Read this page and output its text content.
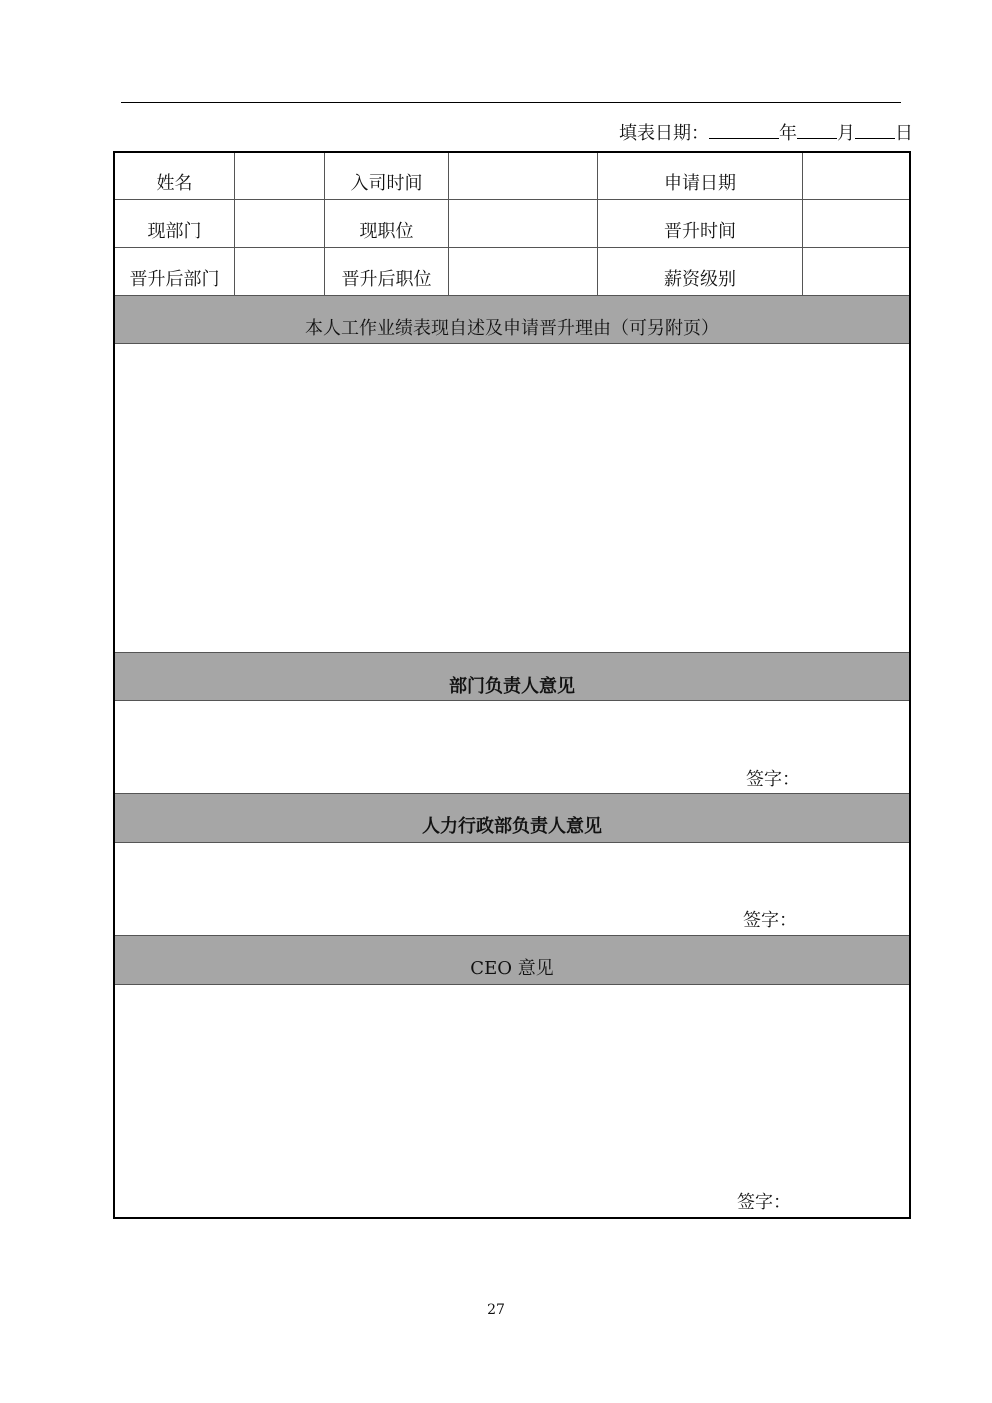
填表日期：	年 月 日
姓名	入司时间	申请日期
现部门	现职位	晋升时间
晋升后部门	晋升后职位	薪资级别
本人工作业绩表现自述及申请晋升理由（可另附页）
部门负责人意见
签字：
人力行政部负责人意见
签字：
CEO 意见
签字：
27
